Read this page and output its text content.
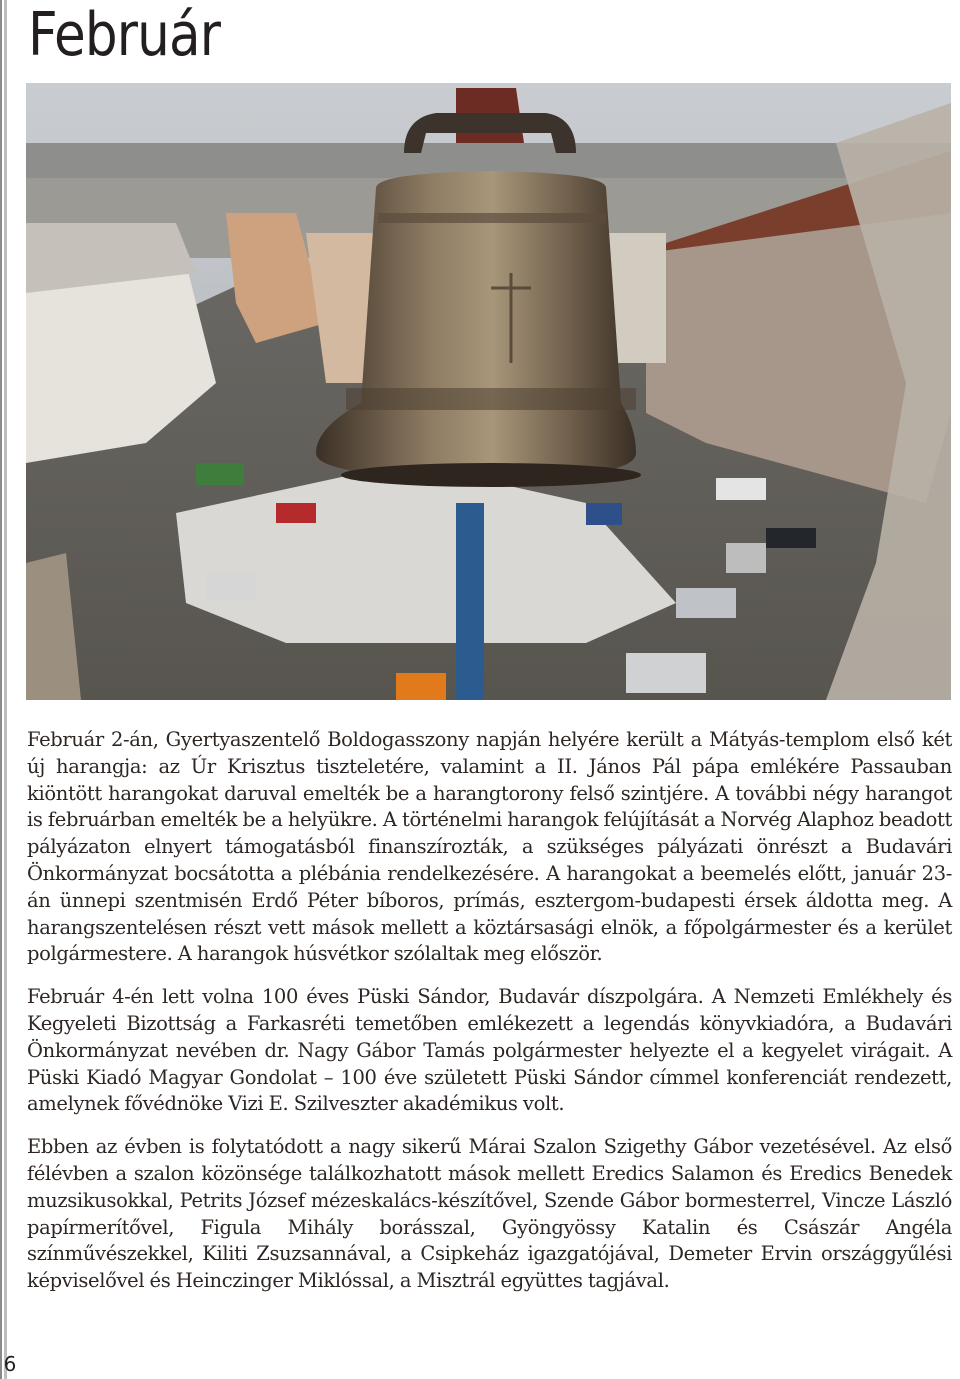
Február

Február 2-án, Gyertyaszentelő Boldogasszony napján helyére került a Mátyás-templom első két új harangja: az Úr Krisztus tiszteletére, valamint a II. János Pál pápa emlékére Passauban kiöntött harangokat daruval emelték be a harangtorony felső szintjére. A további négy harangot is februárban emelték be a helyükre. A történelmi harangok felújítását a Norvég Alaphoz beadott pályázaton elnyert támogatásból finanszírozták, a szükséges pályázati önrészt a Budavári Önkormányzat bocsátotta a plébánia rendelkezésére. A harangokat a beemelés előtt, január 23-án ünnepi szentmisén Erdő Péter bíboros, prímás, esztergom-budapesti érsek áldotta meg. A harangszentelésen részt vett mások mellett a köztársasági elnök, a főpolgármester és a kerület polgármestere. A harangok húsvétkor szólaltak meg először.

Február 4-én lett volna 100 éves Püski Sándor, Budavár díszpolgára. A Nemzeti Emlékhely és Kegyeleti Bizottság a Farkasréti temetőben emlékezett a legendás könyvkiadóra, a Budavári Önkormányzat nevében dr. Nagy Gábor Tamás polgármester helyezte el a kegyelet virágait. A Püski Kiadó Magyar Gondolat – 100 éve született Püski Sándor címmel konferenciát rendezett, amelynek fővédnöke Vizi E. Szilveszter akadémikus volt.

Ebben az évben is folytatódott a nagy sikerű Márai Szalon Szigethy Gábor vezetésével. Az első félévben a szalon közönsége találkozhatott mások mellett Eredics Salamon és Eredics Benedek muzsikusokkal, Petrits József mézeskalács-készítővel, Szende Gábor bormesterrel, Vincze László papírmerítővel, Figula Mihály borásszal, Gyöngyössy Katalin és Császár Angéla színművészekkel, Kiliti Zsuzsannával, a Csipkeház igazgatójával, Demeter Ervin országgyűlési képviselővel és Heinczinger Miklóssal, a Misztrál együttes tagjával.

6
